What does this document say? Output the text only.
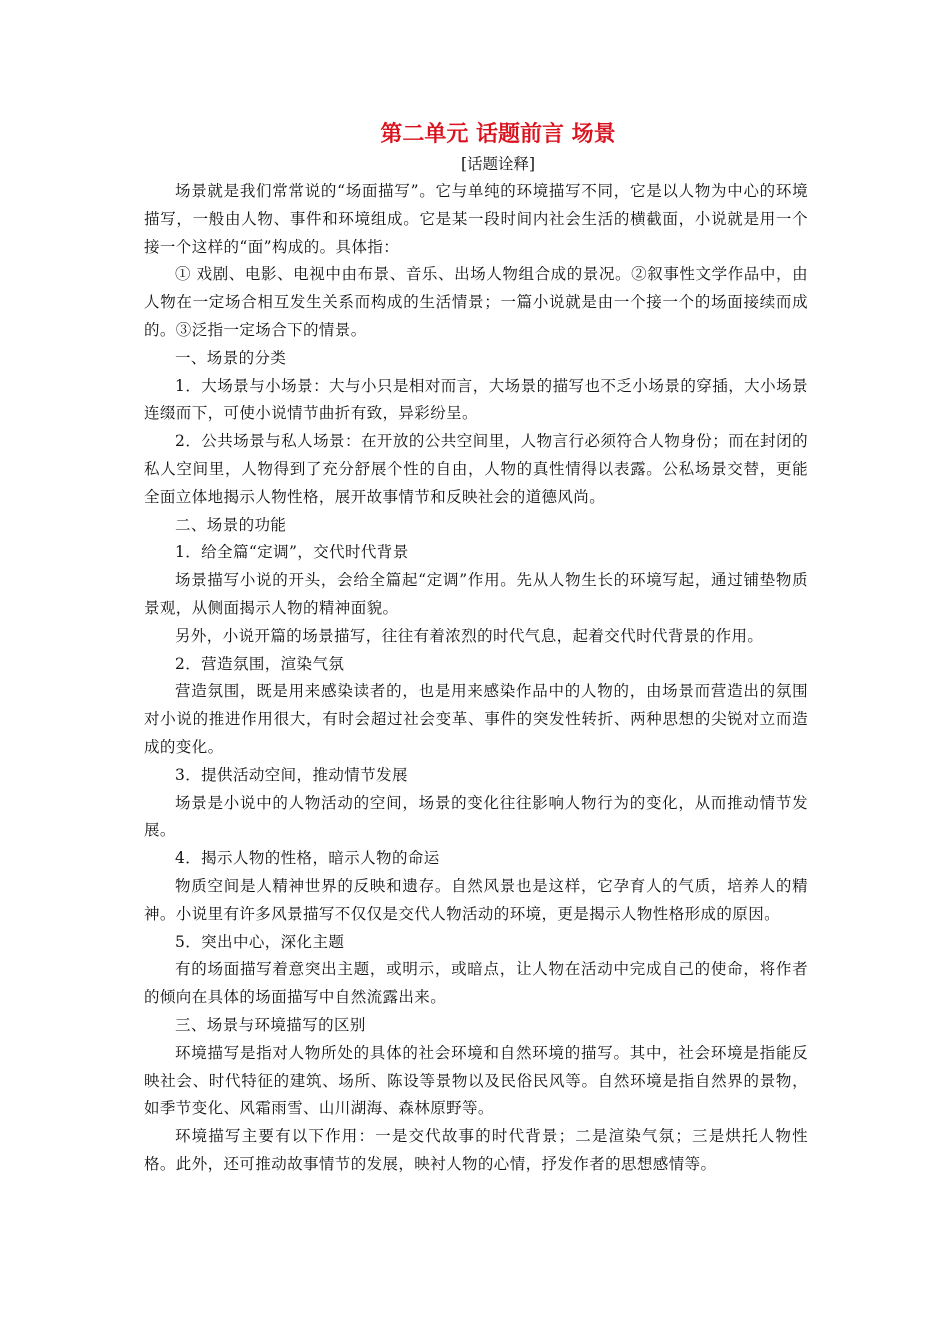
第二单元 话题前言 场景
[话题诠释]

场景就是我们常常说的“场面描写”。它与单纯的环境描写不同，它是以人物为中心的环境描写，一般由人物、事件和环境组成。它是某一段时间内社会生活的横截面，小说就是用一个接一个这样的“面”构成的。具体指：

① 戏剧、电影、电视中由布景、音乐、出场人物组合成的景况。②叙事性文学作品中，由人物在一定场合相互发生关系而构成的生活情景；一篇小说就是由一个接一个的场面接续而成的。③泛指一定场合下的情景。

一、场景的分类

1．大场景与小场景：大与小只是相对而言，大场景的描写也不乏小场景的穿插，大小场景连缀而下，可使小说情节曲折有致，异彩纷呈。

2．公共场景与私人场景：在开放的公共空间里，人物言行必须符合人物身份；而在封闭的私人空间里，人物得到了充分舒展个性的自由，人物的真性情得以表露。公私场景交替，更能全面立体地揭示人物性格，展开故事情节和反映社会的道德风尚。

二、场景的功能

1．给全篇“定调”，交代时代背景

场景描写小说的开头，会给全篇起“定调”作用。先从人物生长的环境写起，通过铺垫物质景观，从侧面揭示人物的精神面貌。

另外，小说开篇的场景描写，往往有着浓烈的时代气息，起着交代时代背景的作用。

2．营造氛围，渲染气氛

营造氛围，既是用来感染读者的，也是用来感染作品中的人物的，由场景而营造出的氛围对小说的推进作用很大，有时会超过社会变革、事件的突发性转折、两种思想的尖锐对立而造成的变化。

3．提供活动空间，推动情节发展

场景是小说中的人物活动的空间，场景的变化往往影响人物行为的变化，从而推动情节发展。

4．揭示人物的性格，暗示人物的命运

物质空间是人精神世界的反映和遗存。自然风景也是这样，它孕育人的气质，培养人的精神。小说里有许多风景描写不仅仅是交代人物活动的环境，更是揭示人物性格形成的原因。

5．突出中心，深化主题

有的场面描写着意突出主题，或明示，或暗点，让人物在活动中完成自己的使命，将作者的倾向在具体的场面描写中自然流露出来。

三、场景与环境描写的区别

环境描写是指对人物所处的具体的社会环境和自然环境的描写。其中，社会环境是指能反映社会、时代特征的建筑、场所、陈设等景物以及民俗民风等。自然环境是指自然界的景物，如季节变化、风霜雨雪、山川湖海、森林原野等。

环境描写主要有以下作用：一是交代故事的时代背景；二是渲染气氛；三是烘托人物性格。此外，还可推动故事情节的发展，映衬人物的心情，抒发作者的思想感情等。
